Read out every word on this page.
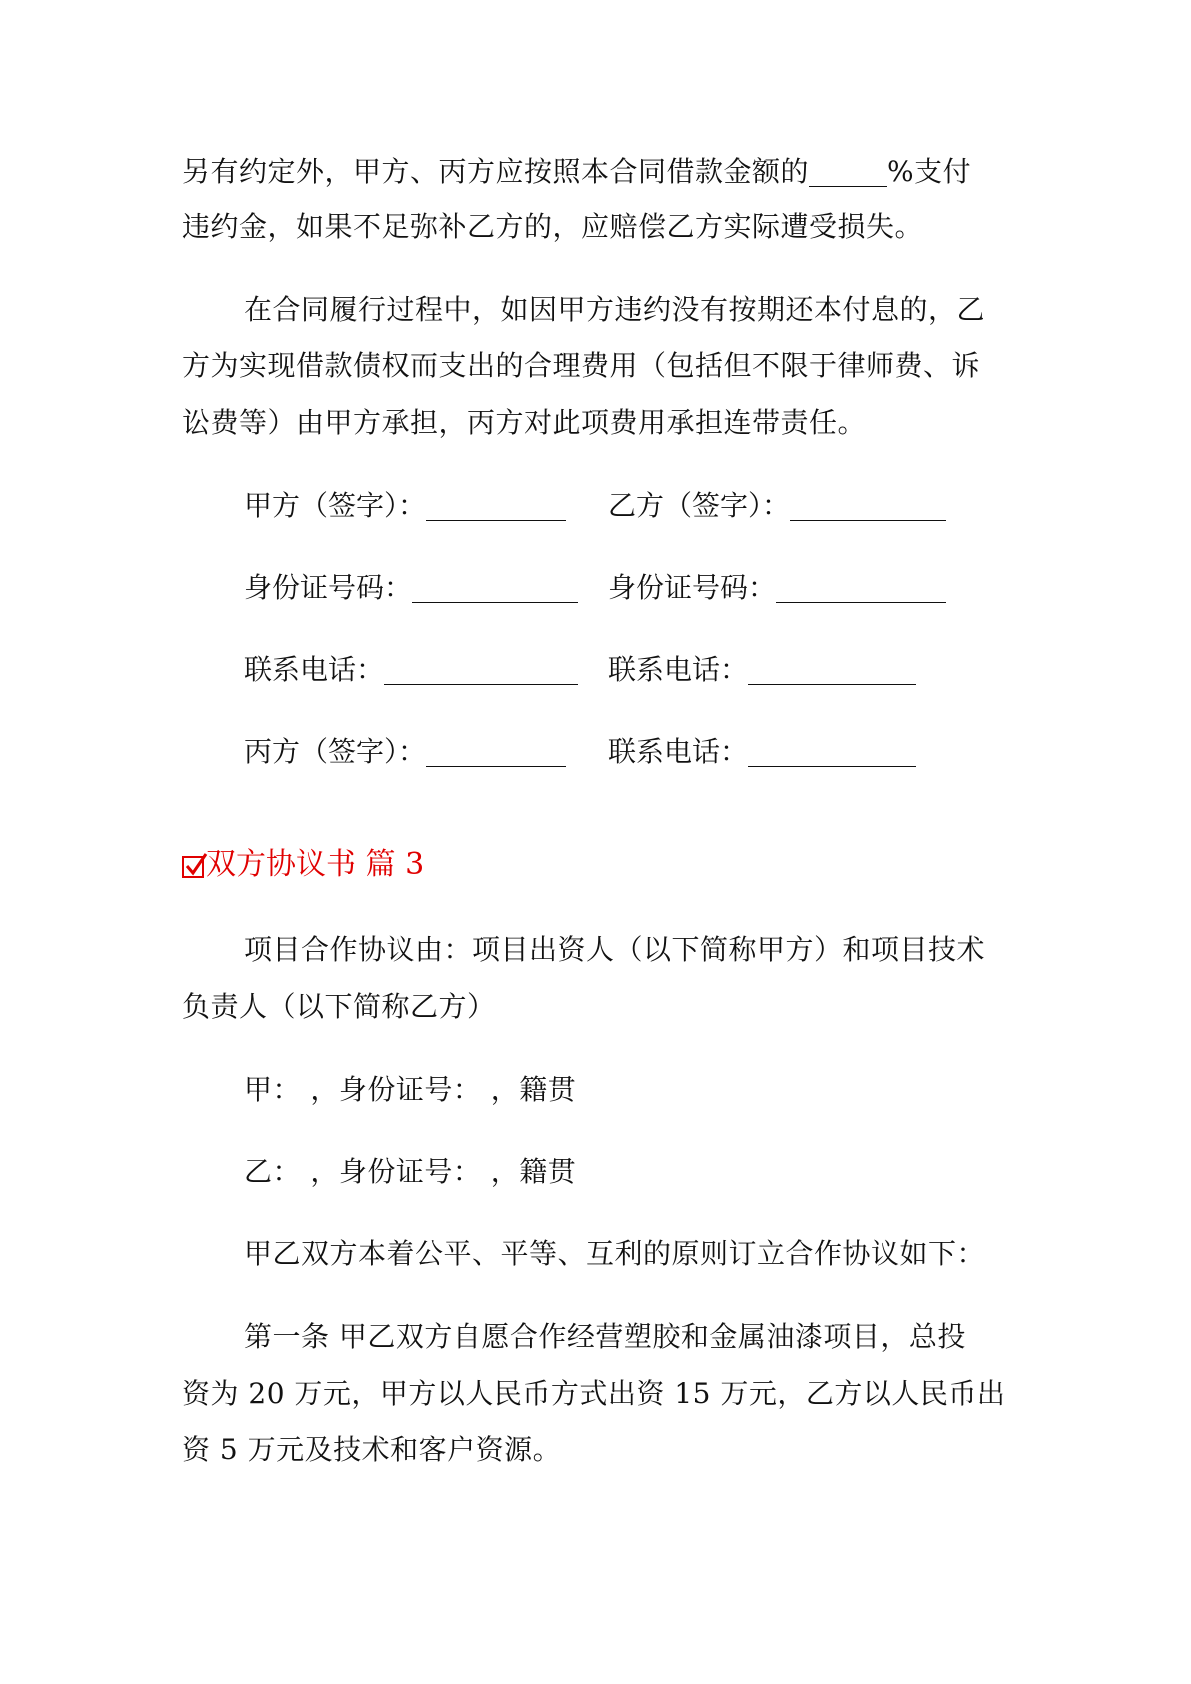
另有约定外，甲方、丙方应按照本合同借款金额的	%支付
违约金，如果不足弥补乙方的，应赔偿乙方实际遭受损失。
在合同履行过程中，如因甲方违约没有按期还本付息的，乙
方为实现借款债权而支出的合理费用（包括但不限于律师费、诉
讼费等）由甲方承担，丙方对此项费用承担连带责任。
甲方（签字）：	乙方（签字）：
身份证号码：	身份证号码：
联系电话：	联系电话：
丙方（签字）：	联系电话：
双方协议书 篇 3
项目合作协议由：项目出资人（以下简称甲方）和项目技术
负责人（以下简称乙方）
甲： ，身份证号： ，籍贯
乙： ，身份证号： ，籍贯
甲乙双方本着公平、平等、互利的原则订立合作协议如下：
第一条 甲乙双方自愿合作经营塑胶和金属油漆项目，总投
资为 20 万元，甲方以人民币方式出资 15 万元，乙方以人民币出
资 5 万元及技术和客户资源。
